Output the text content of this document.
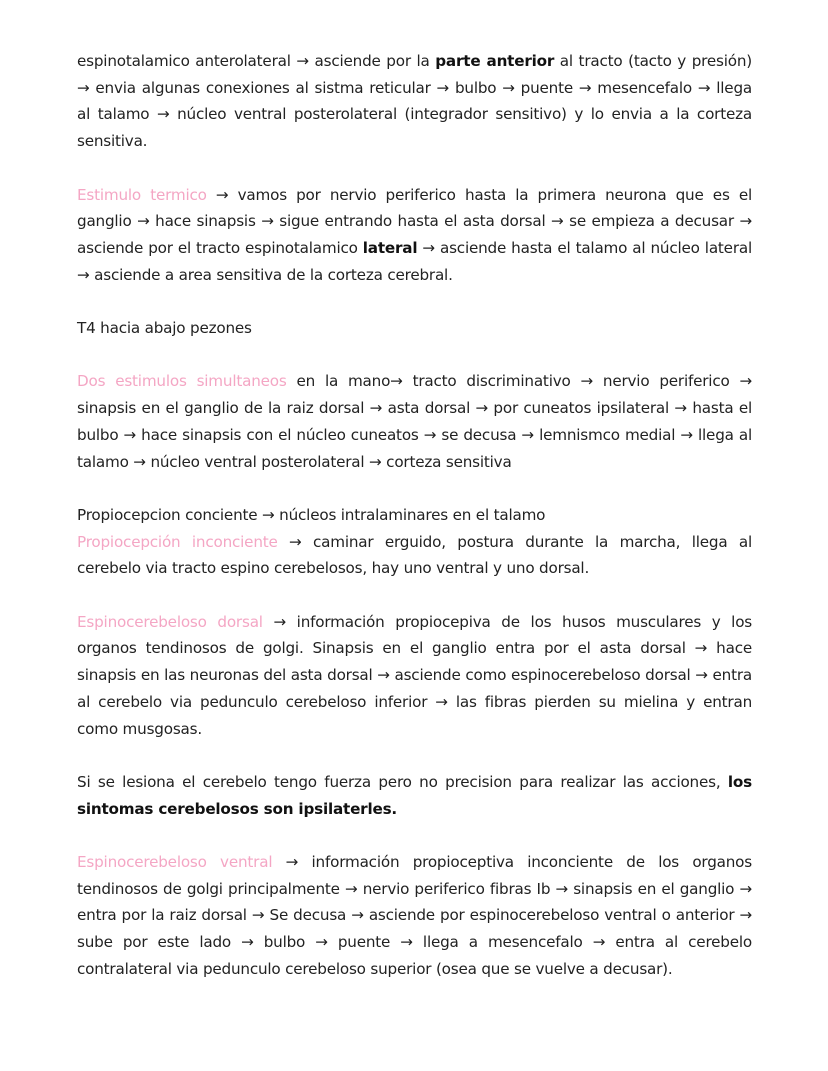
espinotalamico anterolateral → asciende por la parte anterior al tracto (tacto y presión) → envia algunas conexiones al sistma reticular → bulbo → puente → mesencefalo → llega al talamo → núcleo ventral posterolateral (integrador sensitivo) y lo envia a la corteza sensitiva.

Estimulo termico → vamos por nervio periferico hasta la primera neurona que es el ganglio → hace sinapsis → sigue entrando hasta el asta dorsal → se empieza a decusar → asciende por el tracto espinotalamico lateral → asciende hasta el talamo al núcleo lateral → asciende a area sensitiva de la corteza cerebral.

T4 hacia abajo pezones

Dos estimulos simultaneos en la mano→ tracto discriminativo → nervio periferico → sinapsis en el ganglio de la raiz dorsal → asta dorsal → por cuneatos ipsilateral → hasta el bulbo → hace sinapsis con el núcleo cuneatos → se decusa → lemnismco medial → llega al talamo → núcleo ventral posterolateral → corteza sensitiva

Propiocepcion conciente → núcleos intralaminares en el talamo

Propiocepción inconciente → caminar erguido, postura durante la marcha, llega al cerebelo via tracto espino cerebelosos, hay uno ventral y uno dorsal.

Espinocerebeloso dorsal → información propiocepiva de los husos musculares y los organos tendinosos de golgi. Sinapsis en el ganglio entra por el asta dorsal → hace sinapsis en las neuronas del asta dorsal → asciende como espinocerebeloso dorsal → entra al cerebelo via pedunculo cerebeloso inferior → las fibras pierden su mielina y entran como musgosas.

Si se lesiona el cerebelo tengo fuerza pero no precision para realizar las acciones, los sintomas cerebelosos son ipsilaterles.

Espinocerebeloso ventral → información propioceptiva inconciente de los organos tendinosos de golgi principalmente → nervio periferico fibras Ib → sinapsis en el ganglio → entra por la raiz dorsal → Se decusa → asciende por espinocerebeloso ventral o anterior → sube por este lado → bulbo → puente → llega a mesencefalo → entra al cerebelo contralateral via pedunculo cerebeloso superior (osea que se vuelve a decusar).
